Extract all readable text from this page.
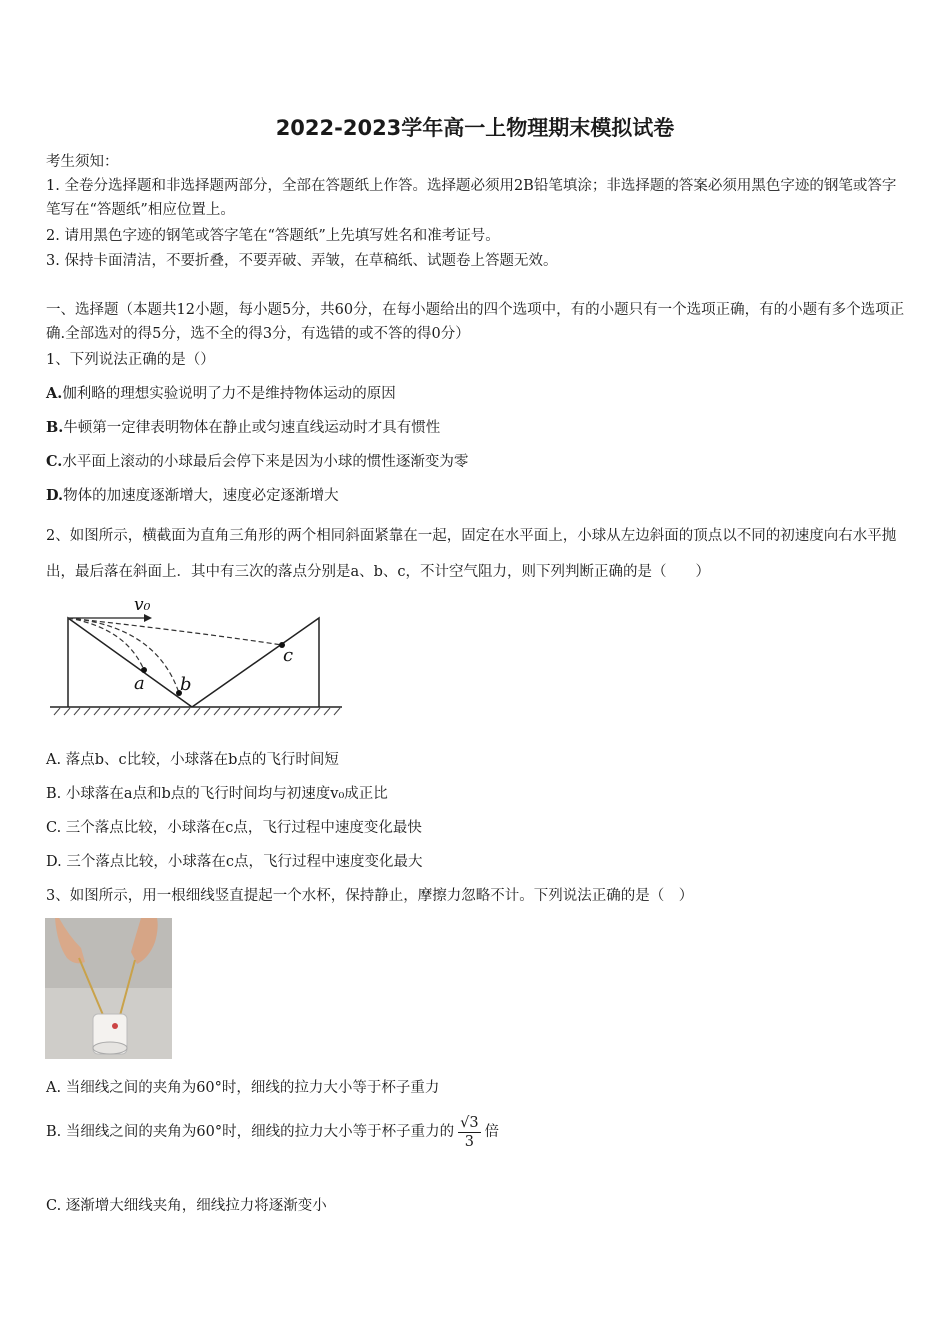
2022-2023学年高一上物理期末模拟试卷
考生须知：
1. 全卷分选择题和非选择题两部分，全部在答题纸上作答。选择题必须用2B铅笔填涂；非选择题的答案必须用黑色字迹的钢笔或答字笔写在“答题纸”相应位置上。
2. 请用黑色字迹的钢笔或答字笔在“答题纸”上先填写姓名和准考证号。
3. 保持卡面清洁，不要折叠，不要弄破、弄皱，在草稿纸、试题卷上答题无效。
一、选择题（本题共12小题，每小题5分，共60分，在每小题给出的四个选项中，有的小题只有一个选项正确，有的小题有多个选项正确.全部选对的得5分，选不全的得3分，有选错的或不答的得0分）
1、下列说法正确的是（）
A.伽利略的理想实验说明了力不是维持物体运动的原因
B.牛顿第一定律表明物体在静止或匀速直线运动时才具有惯性
C.水平面上滚动的小球最后会停下来是因为小球的惯性逐渐变为零
D.物体的加速度逐渐增大，速度必定逐渐增大
2、如图所示，横截面为直角三角形的两个相同斜面紧靠在一起，固定在水平面上，小球从左边斜面的顶点以不同的初速度向右水平抛出，最后落在斜面上．其中有三次的落点分别是a、b、c，不计空气阻力，则下列判断正确的是（　　）
v₀
a b
c
A. 落点b、c比较，小球落在b点的飞行时间短
B. 小球落在a点和b点的飞行时间均与初速度v₀成正比
C. 三个落点比较，小球落在c点，飞行过程中速度变化最快
D. 三个落点比较，小球落在c点，飞行过程中速度变化最大
3、如图所示，用一根细线竖直提起一个水杯，保持静止，摩擦力忽略不计。下列说法正确的是（　）
A. 当细线之间的夹角为60°时，细线的拉力大小等于杯子重力
B. 当细线之间的夹角为60°时，细线的拉力大小等于杯子重力的 $\frac{√3}{3}$ 倍
C. 逐渐增大细线夹角，细线拉力将逐渐变小
